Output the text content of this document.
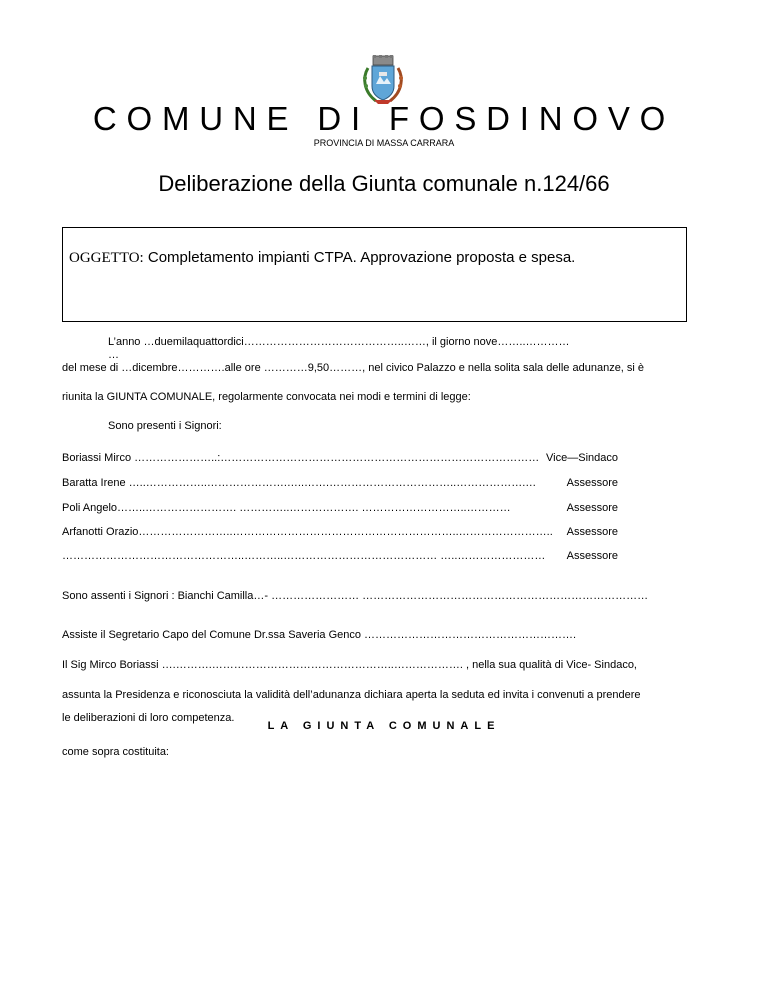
COMUNE DI FOSDINOVO
PROVINCIA DI MASSA CARRARA
Deliberazione della Giunta comunale n.124/66
OGGETTO: Completamento impianti CTPA. Approvazione proposta e spesa.
L’anno …duemilaquattordici……………………………………..……, il giorno nove……..…………
…
del mese di …dicembre………….alle ore …………9,50………, nel civico Palazzo e nella solita sala delle adunanze, si è
riunita la GIUNTA COMUNALE, regolarmente convocata nei modi e termini di legge:
Sono presenti i Signori:
Boriassi Mirco …………………..:…………………………………………………………………………… Vice—Sindaco
Baratta Irene …..……………..………………….…..…….……………………………..……………….…	Assessore
Poli Angelo……..……………………. …………..………………. ………………………..…………	Assessore
Arfanotti Orazio……………………..……………………………………………………..…………………….. Assessore
…………………………………………..………..…………………………………… …..…………………… Assessore
Sono assenti i Signori : Bianchi Camilla…- …………………… ……………………………………………………………………
Assiste il Segretario Capo del Comune Dr.ssa Saveria Genco ………………………………………………….
Il Sig Mirco Boriassi ….……….…………………………………………..………………. , nella sua qualità di Vice- Sindaco,
assunta la Presidenza e riconosciuta la validità dell’adunanza dichiara aperta la seduta ed invita i convenuti a prendere
le deliberazioni di loro competenza.
LA GIUNTA COMUNALE
come sopra costituita:
